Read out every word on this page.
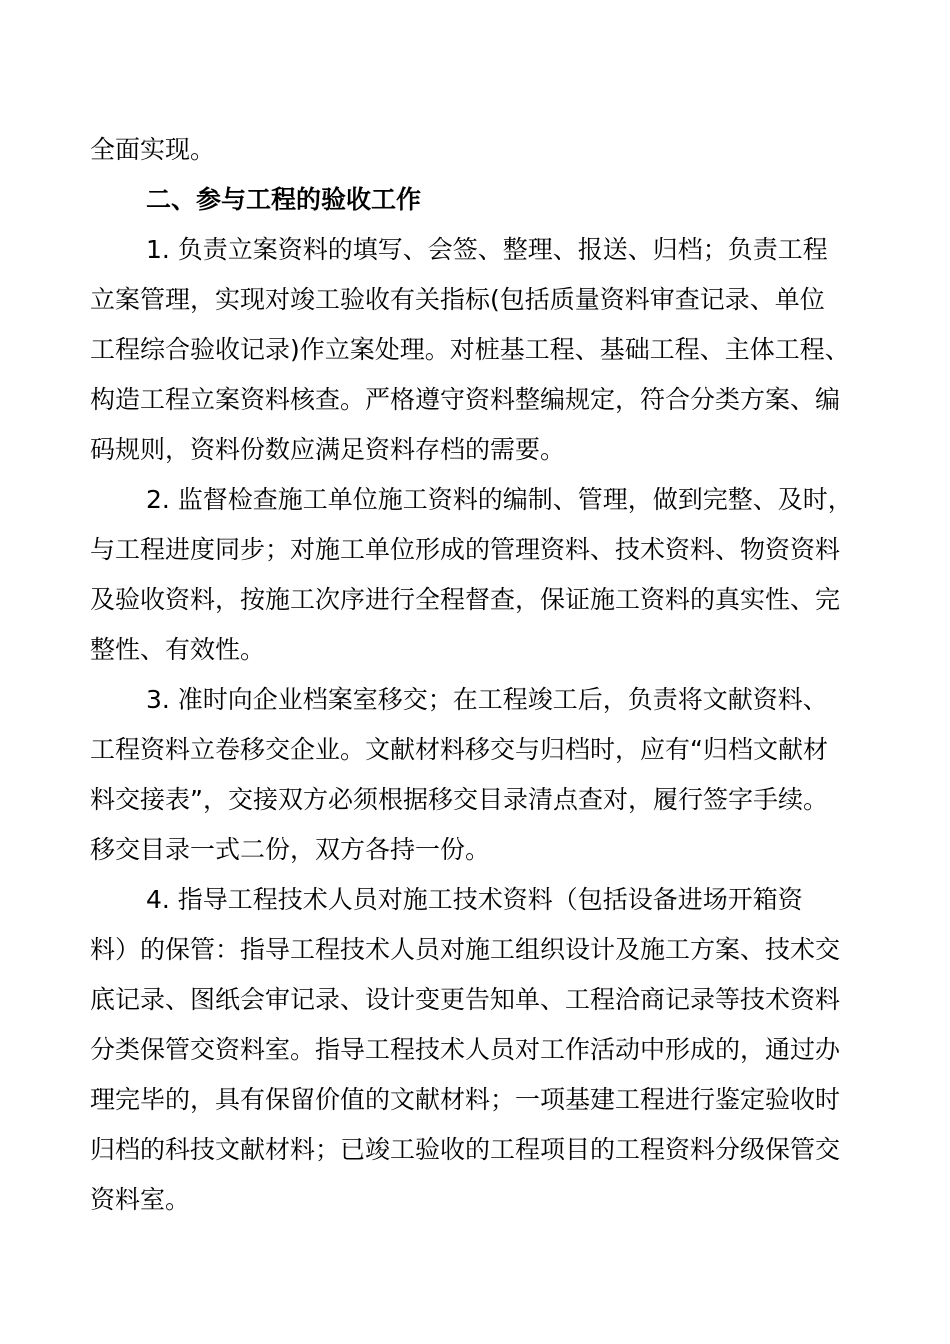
全面实现。
二、参与工程的验收工作
1. 负责立案资料的填写、会签、整理、报送、归档；负责工程
立案管理，实现对竣工验收有关指标(包括质量资料审查记录、单位
工程综合验收记录)作立案处理。对桩基工程、基础工程、主体工程、
构造工程立案资料核查。严格遵守资料整编规定，符合分类方案、编
码规则，资料份数应满足资料存档的需要。
2. 监督检查施工单位施工资料的编制、管理，做到完整、及时，
与工程进度同步；对施工单位形成的管理资料、技术资料、物资资料
及验收资料，按施工次序进行全程督查，保证施工资料的真实性、完
整性、有效性。
3. 准时向企业档案室移交；在工程竣工后，负责将文献资料、
工程资料立卷移交企业。文献材料移交与归档时，应有“归档文献材
料交接表”，交接双方必须根据移交目录清点查对，履行签字手续。
移交目录一式二份，双方各持一份。
4. 指导工程技术人员对施工技术资料（包括设备进场开箱资
料）的保管：指导工程技术人员对施工组织设计及施工方案、技术交
底记录、图纸会审记录、设计变更告知单、工程洽商记录等技术资料
分类保管交资料室。指导工程技术人员对工作活动中形成的，通过办
理完毕的，具有保留价值的文献材料；一项基建工程进行鉴定验收时
归档的科技文献材料；已竣工验收的工程项目的工程资料分级保管交
资料室。
